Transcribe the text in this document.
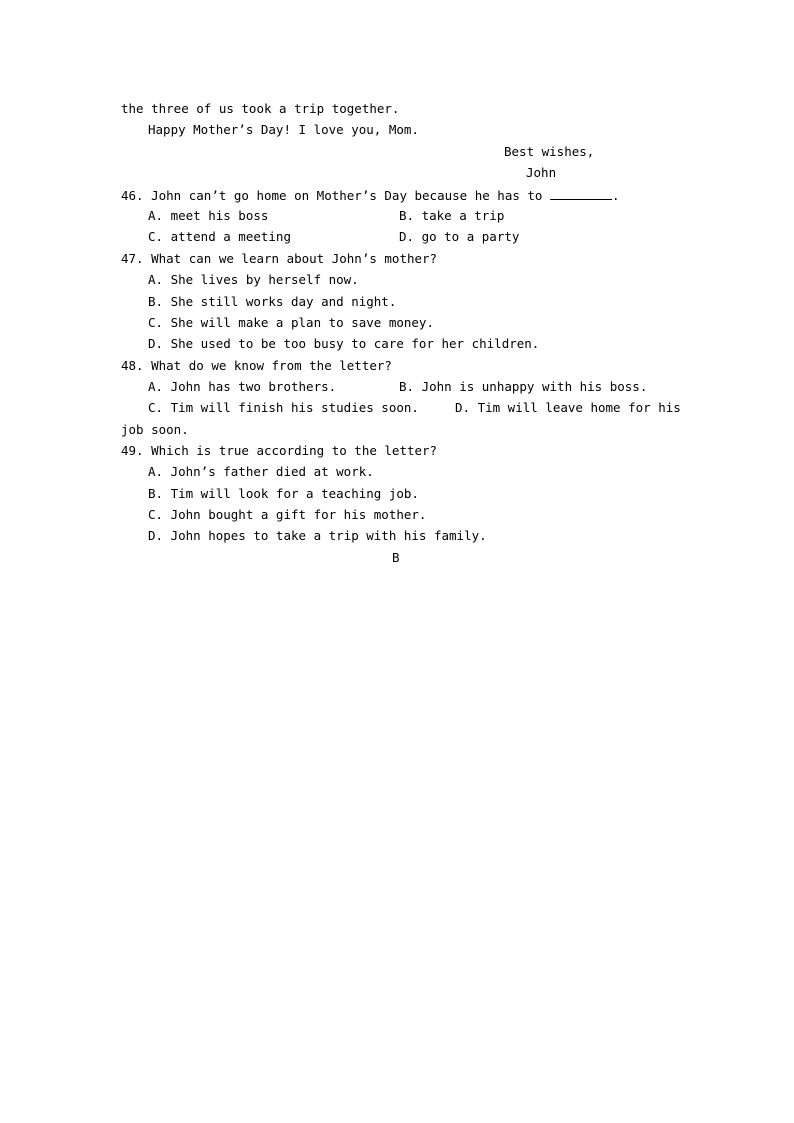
the three of us took a trip together.
Happy Mother’s Day! I love you, Mom.
Best wishes,
John
46. John can’t go home on Mother’s Day because he has to	.
A. meet his boss	B. take a trip
C. attend a meeting	D. go to a party
47. What can we learn about John’s mother?
A. She lives by herself now.
B. She still works day and night.
C. She will make a plan to save money.
D. She used to be too busy to care for her children.
48. What do we know from the letter?
A. John has two brothers.	B. John is unhappy with his boss.
C. Tim will finish his studies soon.	D. Tim will leave home for his
job soon.
49. Which is true according to the letter?
A. John’s father died at work.
B. Tim will look for a teaching job.
C. John bought a gift for his mother.
D. John hopes to take a trip with his family.
B
